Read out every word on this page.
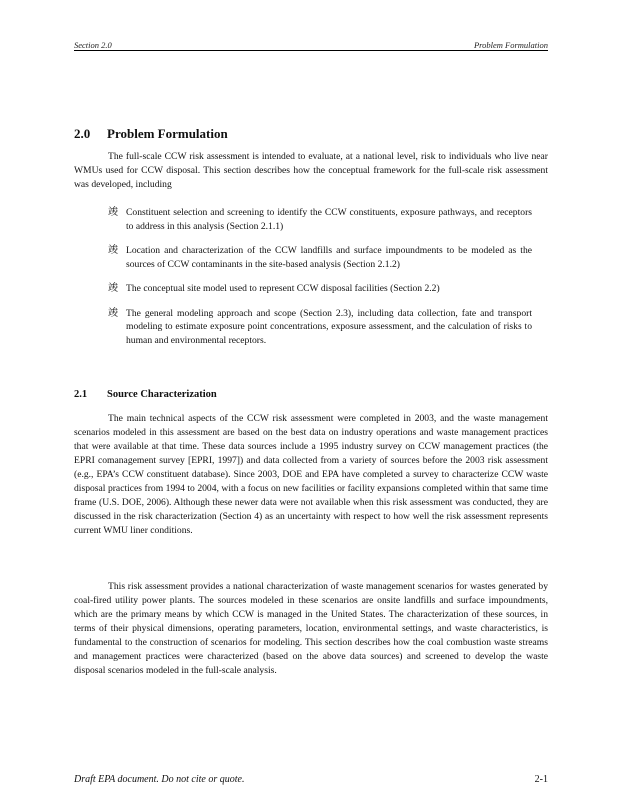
Section 2.0	Problem Formulation
2.0 Problem Formulation

The full-scale CCW risk assessment is intended to evaluate, at a national level, risk to individuals who live near WMUs used for CCW disposal. This section describes how the conceptual framework for the full-scale risk assessment was developed, including

竣 Constituent selection and screening to identify the CCW constituents, exposure pathways, and receptors to address in this analysis (Section 2.1.1)
竣 Location and characterization of the CCW landfills and surface impoundments to be modeled as the sources of CCW contaminants in the site-based analysis (Section 2.1.2)
竣 The conceptual site model used to represent CCW disposal facilities (Section 2.2)
竣 The general modeling approach and scope (Section 2.3), including data collection, fate and transport modeling to estimate exposure point concentrations, exposure assessment, and the calculation of risks to human and environmental receptors.
2.1 Source Characterization

The main technical aspects of the CCW risk assessment were completed in 2003, and the waste management scenarios modeled in this assessment are based on the best data on industry operations and waste management practices that were available at that time. These data sources include a 1995 industry survey on CCW management practices (the EPRI comanagement survey [EPRI, 1997]) and data collected from a variety of sources before the 2003 risk assessment (e.g., EPA’s CCW constituent database). Since 2003, DOE and EPA have completed a survey to characterize CCW waste disposal practices from 1994 to 2004, with a focus on new facilities or facility expansions completed within that same time frame (U.S. DOE, 2006). Although these newer data were not available when this risk assessment was conducted, they are discussed in the risk characterization (Section 4) as an uncertainty with respect to how well the risk assessment represents current WMU liner conditions.

This risk assessment provides a national characterization of waste management scenarios for wastes generated by coal-fired utility power plants. The sources modeled in these scenarios are onsite landfills and surface impoundments, which are the primary means by which CCW is managed in the United States. The characterization of these sources, in terms of their physical dimensions, operating parameters, location, environmental settings, and waste characteristics, is fundamental to the construction of scenarios for modeling. This section describes how the coal combustion waste streams and management practices were characterized (based on the above data sources) and screened to develop the waste disposal scenarios modeled in the full-scale analysis.

Draft EPA document. Do not cite or quote.	2-1
